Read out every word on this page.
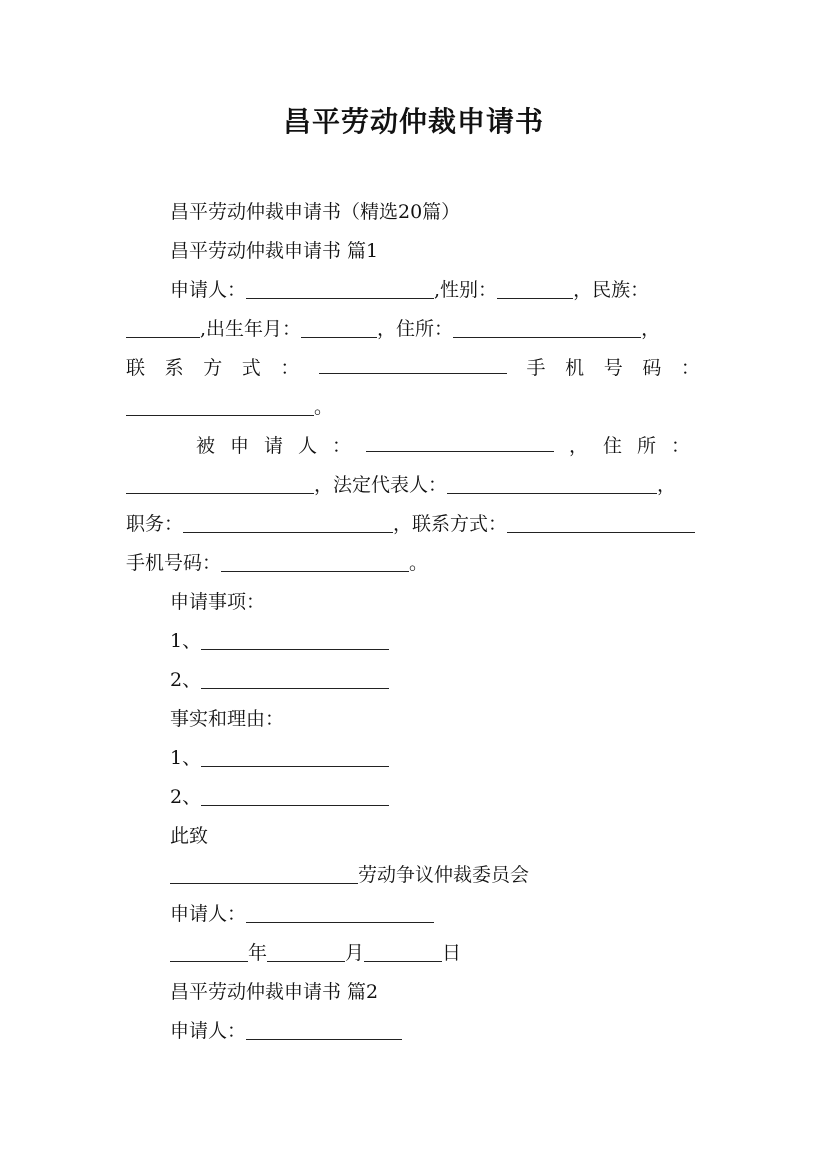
昌平劳动仲裁申请书
昌平劳动仲裁申请书（精选20篇）
昌平劳动仲裁申请书 篇1
申请人：	,性别：	，民族：
,出生年月：	，住所：	，
联 系 方 式 ：	手 机 号 码 ：
。
被 申 请 人 ：	， 住 所 ：
，法定代表人：	，
职务：	，联系方式：
手机号码：	。
申请事项：
1、
2、
事实和理由：
1、
2、
此致
劳动争议仲裁委员会
申请人：
年	月	日
昌平劳动仲裁申请书 篇2
申请人：
